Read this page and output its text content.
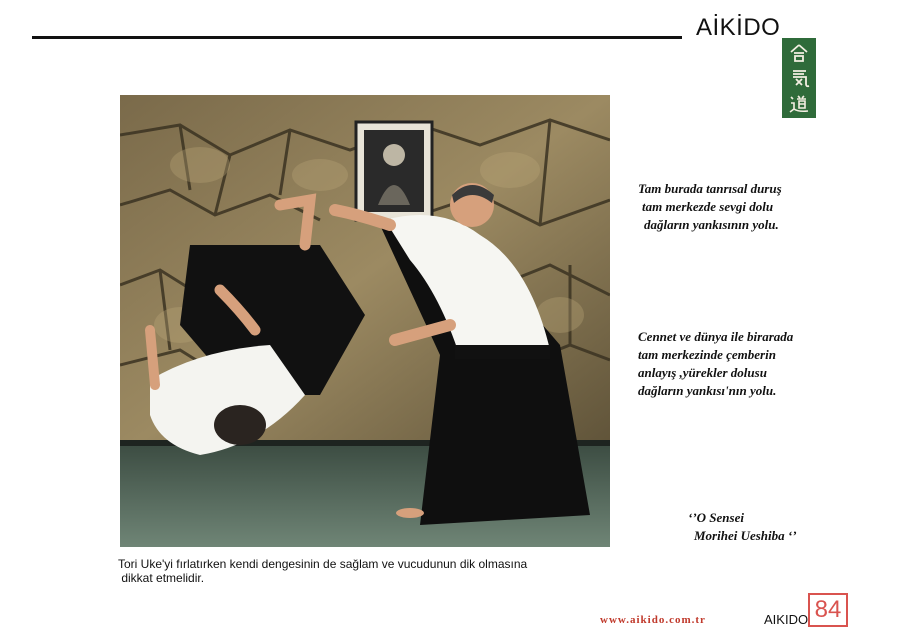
AİKİDO
Tam burada tanrısal duruş
tam merkezde sevgi dolu
dağların yankısının yolu.
Cennet ve dünya ile birarada
tam merkezinde çemberin
anlayış ,yürekler dolusu
dağların yankısı'nın yolu.
‘’O Sensei
Morihei Ueshiba ‘’
Tori Uke'yi fırlatırken kendi dengesinin de sağlam ve vucudunun dik olmasına
dikkat etmelidir.
www.aikido.com.tr	AIKIDO 84
